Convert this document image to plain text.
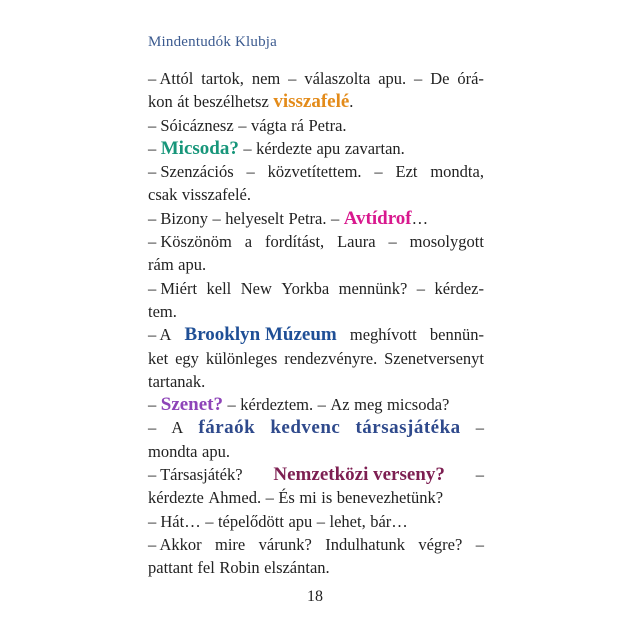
Mindentudók Klubja
– Attól tartok, nem – válaszolta apu. – De órá-
kon át beszélhetsz visszafelé .
– Sóicáznesz – vágta rá Petra.
– Micsoda? – kérdezte apu zavartan.
– Szenzációs – közvetítettem. – Ezt mondta,
csak visszafelé.
– Bizony – helyeselt Petra. – Avtídrof …
– Köszönöm a fordítást, Laura – mosolygott
rám apu.
– Miért kell New Yorkba mennünk? – kérdez-
tem.
– A Brooklyn Múzeum meghívott bennün-
ket egy különleges rendezvényre. Szenetversenyt
tartanak.
– Szenet? – kérdeztem. – Az meg micsoda?
– A fáraók kedvenc társasjátéka –
mondta apu.
– Társasjáték? Nemzetközi verseny? –
kérdezte Ahmed. – És mi is benevezhetünk?
– Hát… – tépelődött apu – lehet, bár…
– Akkor mire várunk? Indulhatunk végre? –
pattant fel Robin elszántan.
18
